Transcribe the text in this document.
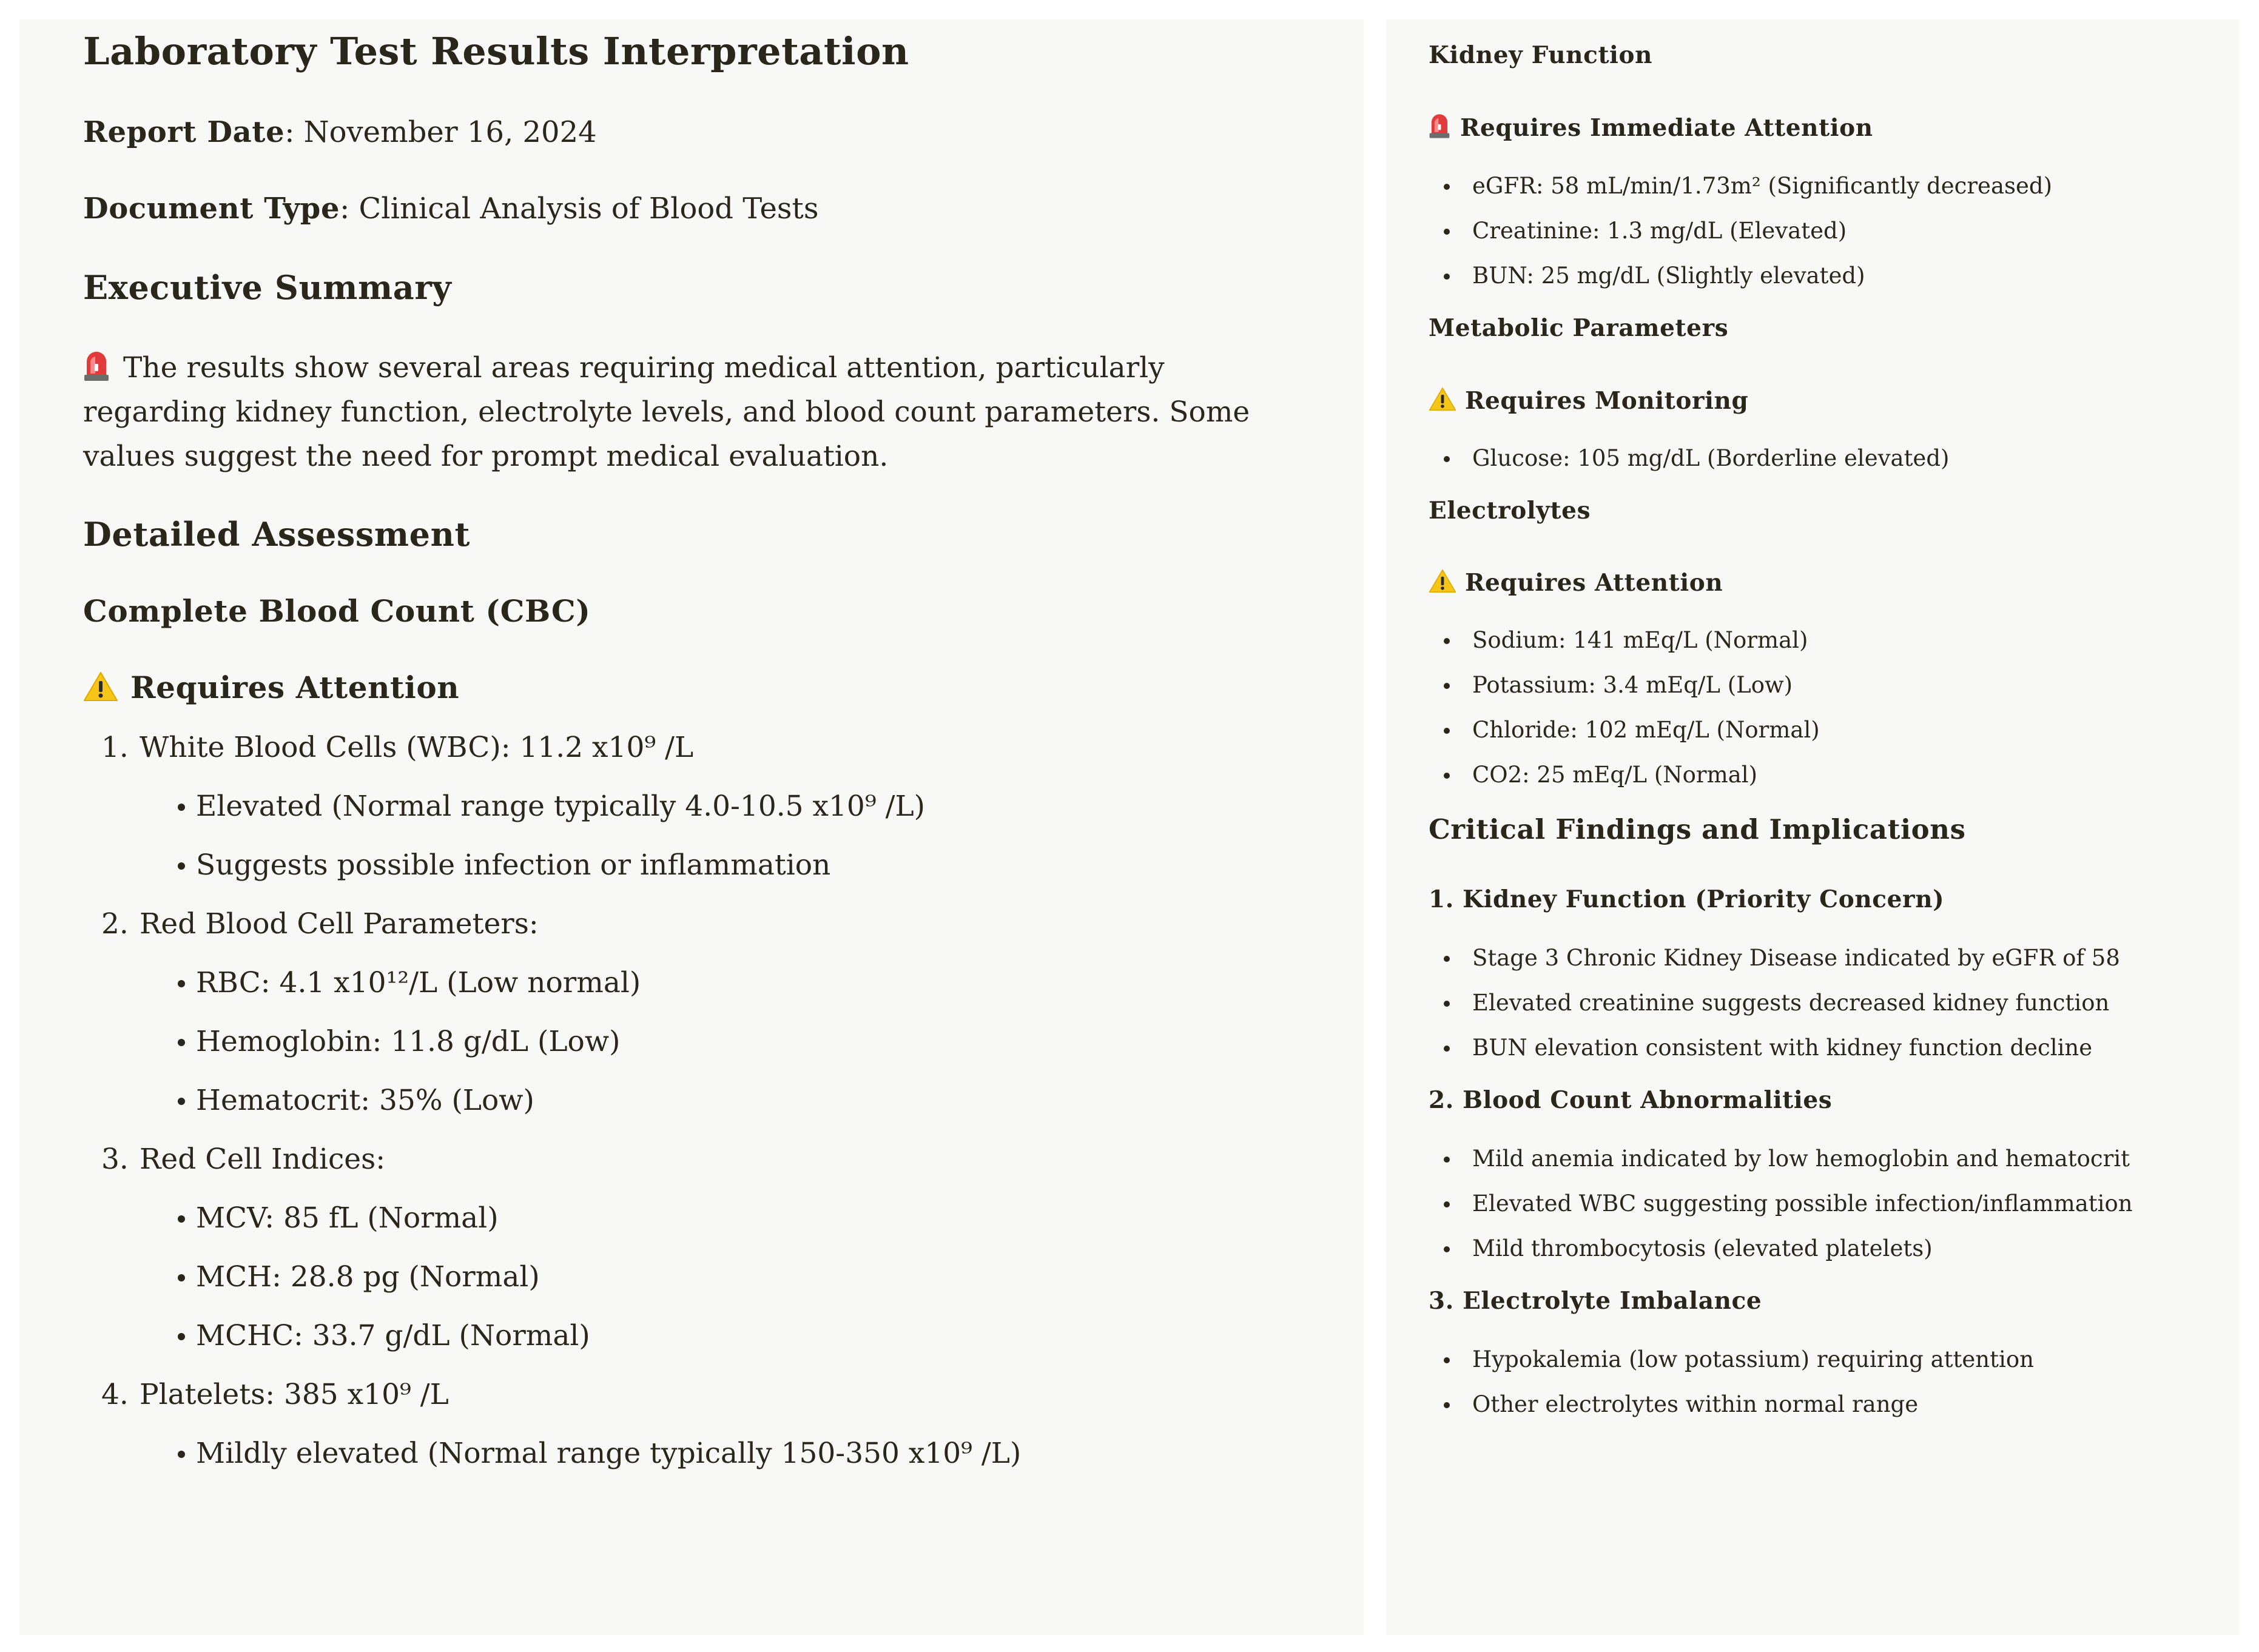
Laboratory Test Results Interpretation

Report Date: November 16, 2024

Document Type: Clinical Analysis of Blood Tests

Executive Summary

The results show several areas requiring medical attention, particularly regarding kidney function, electrolyte levels, and blood count parameters. Some values suggest the need for prompt medical evaluation.

Detailed Assessment
Complete Blood Count (CBC)
Requires Attention
1. White Blood Cells (WBC): 11.2 x10⁹ /L
Elevated (Normal range typically 4.0-10.5 x10⁹ /L)
Suggests possible infection or inflammation
2. Red Blood Cell Parameters:
RBC: 4.1 x10¹²/L (Low normal)
Hemoglobin: 11.8 g/dL (Low)
Hematocrit: 35% (Low)
3. Red Cell Indices:
MCV: 85 fL (Normal)
MCH: 28.8 pg (Normal)
MCHC: 33.7 g/dL (Normal)
4. Platelets: 385 x10⁹ /L
Mildly elevated (Normal range typically 150-350 x10⁹ /L)
Kidney Function
Requires Immediate Attention
eGFR: 58 mL/min/1.73m² (Significantly decreased)
Creatinine: 1.3 mg/dL (Elevated)
BUN: 25 mg/dL (Slightly elevated)
Metabolic Parameters
Requires Monitoring
Glucose: 105 mg/dL (Borderline elevated)
Electrolytes
Requires Attention
Sodium: 141 mEq/L (Normal)
Potassium: 3.4 mEq/L (Low)
Chloride: 102 mEq/L (Normal)
CO2: 25 mEq/L (Normal)
Critical Findings and Implications
1. Kidney Function (Priority Concern)
Stage 3 Chronic Kidney Disease indicated by eGFR of 58
Elevated creatinine suggests decreased kidney function
BUN elevation consistent with kidney function decline
2. Blood Count Abnormalities
Mild anemia indicated by low hemoglobin and hematocrit
Elevated WBC suggesting possible infection/inflammation
Mild thrombocytosis (elevated platelets)
3. Electrolyte Imbalance
Hypokalemia (low potassium) requiring attention
Other electrolytes within normal range
